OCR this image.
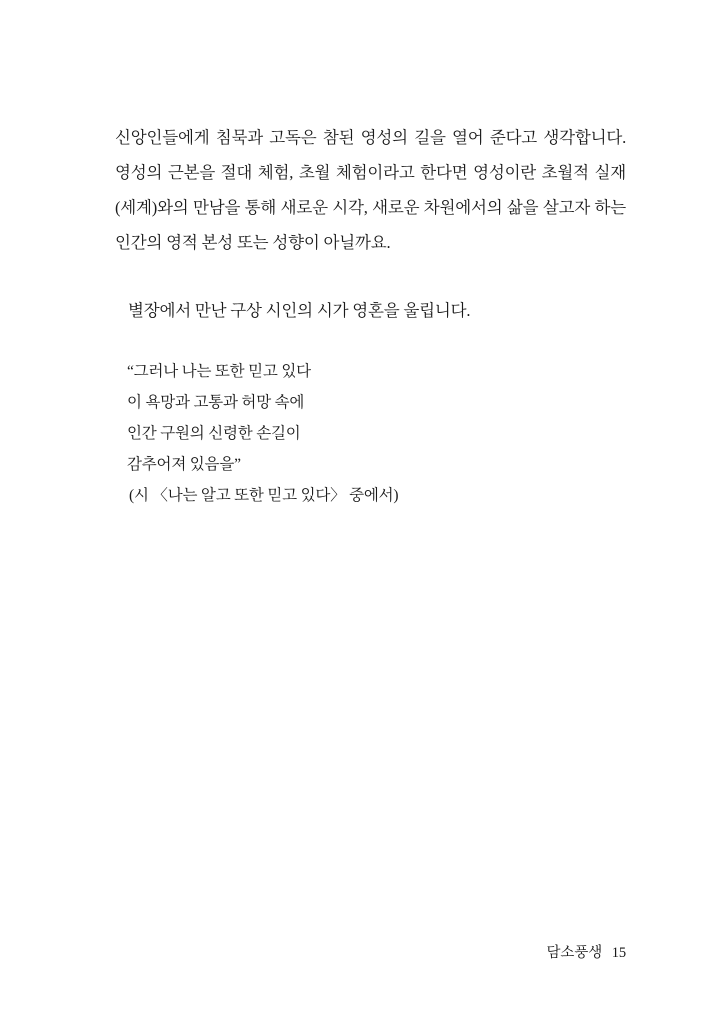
신앙인들에게 침묵과 고독은 참된 영성의 길을 열어 준다고 생각합니다. 영성의 근본을 절대 체험, 초월 체험이라고 한다면 영성이란 초월적 실재(세계)와의 만남을 통해 새로운 시각, 새로운 차원에서의 삶을 살고자 하는 인간의 영적 본성 또는 성향이 아닐까요.

별장에서 만난 구상 시인의 시가 영혼을 울립니다.

“그러나 나는 또한 믿고 있다

이 욕망과 고통과 허망 속에

인간 구원의 신령한 손길이

감추어져 있음을”

(시 〈나는 알고 또한 믿고 있다〉 중에서)

담소풍생 15
